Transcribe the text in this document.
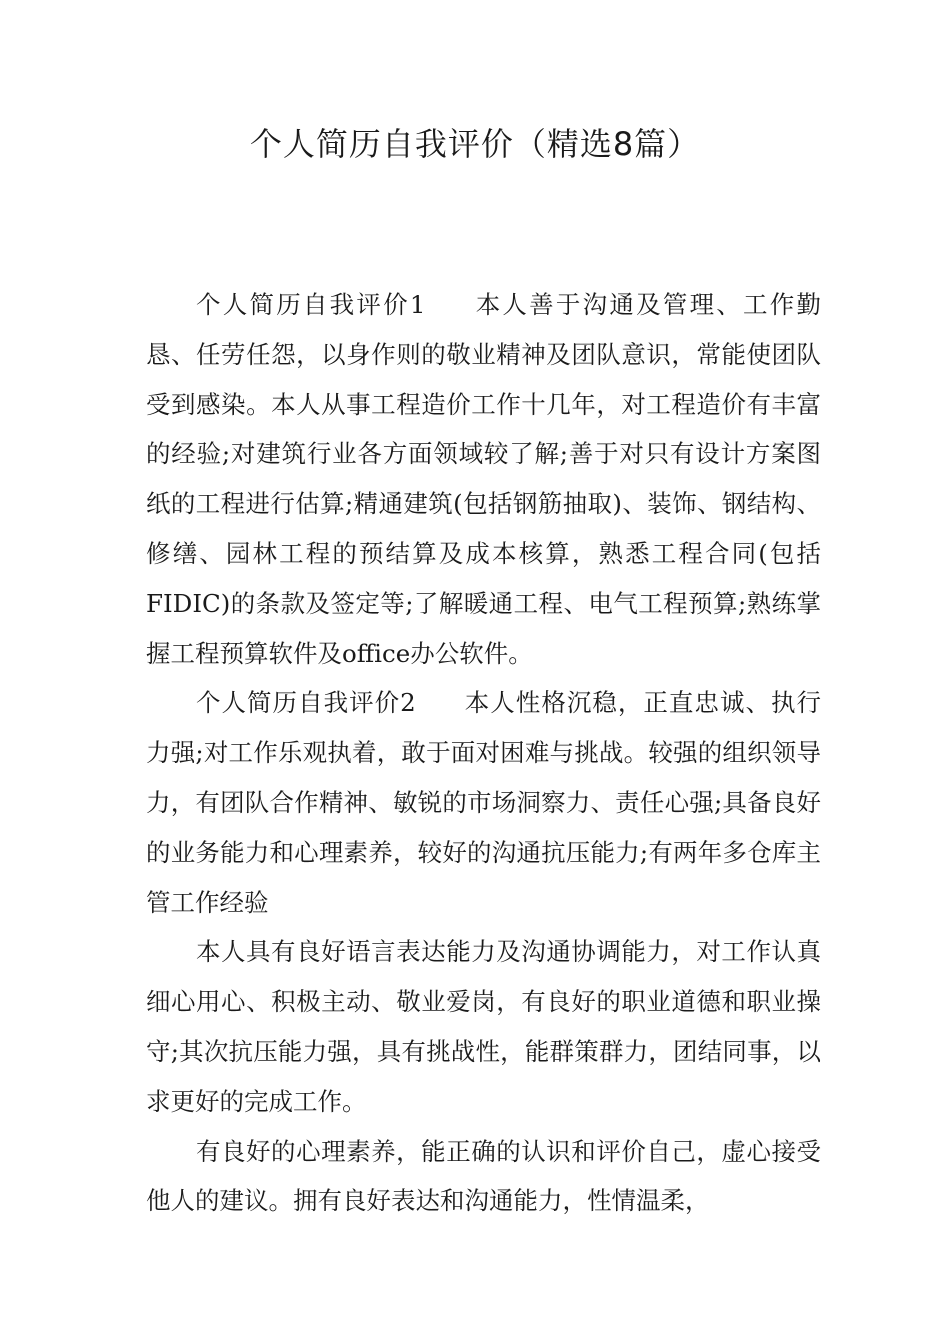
个人简历自我评价（精选8篇）

个人简历自我评价1 本人善于沟通及管理、工作勤恳、任劳任怨，以身作则的敬业精神及团队意识，常能使团队受到感染。本人从事工程造价工作十几年，对工程造价有丰富的经验;对建筑行业各方面领域较了解;善于对只有设计方案图纸的工程进行估算;精通建筑(包括钢筋抽取)、装饰、钢结构、修缮、园林工程的预结算及成本核算，熟悉工程合同(包括FIDIC)的条款及签定等;了解暖通工程、电气工程预算;熟练掌握工程预算软件及office办公软件。

个人简历自我评价2 本人性格沉稳，正直忠诚、执行力强;对工作乐观执着，敢于面对困难与挑战。较强的组织领导力，有团队合作精神、敏锐的市场洞察力、责任心强;具备良好的业务能力和心理素养，较好的沟通抗压能力;有两年多仓库主管工作经验

本人具有良好语言表达能力及沟通协调能力，对工作认真细心用心、积极主动、敬业爱岗，有良好的职业道德和职业操守;其次抗压能力强，具有挑战性，能群策群力，团结同事，以求更好的完成工作。

有良好的心理素养，能正确的认识和评价自己，虚心接受他人的建议。拥有良好表达和沟通能力，性情温柔，
